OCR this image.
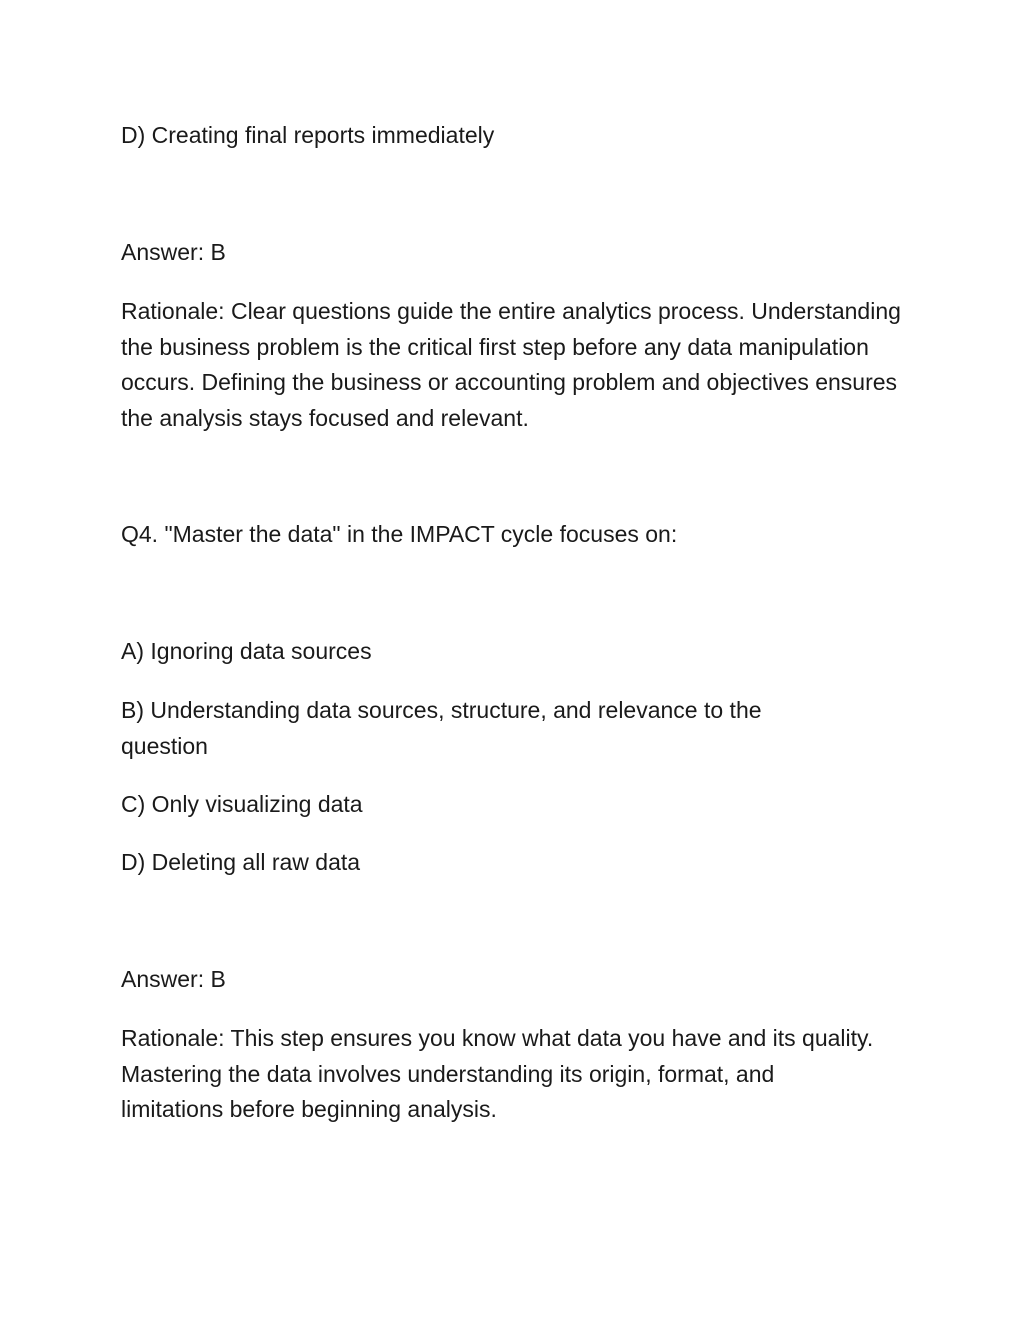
D) Creating final reports immediately

Answer: B

Rationale: Clear questions guide the entire analytics process. Understanding the business problem is the critical first step before any data manipulation occurs. Defining the business or accounting problem and objectives ensures the analysis stays focused and relevant.

Q4. "Master the data" in the IMPACT cycle focuses on:

A) Ignoring data sources

B) Understanding data sources, structure, and relevance to the question

C) Only visualizing data

D) Deleting all raw data

Answer: B

Rationale: This step ensures you know what data you have and its quality. Mastering the data involves understanding its origin, format, and limitations before beginning analysis.
